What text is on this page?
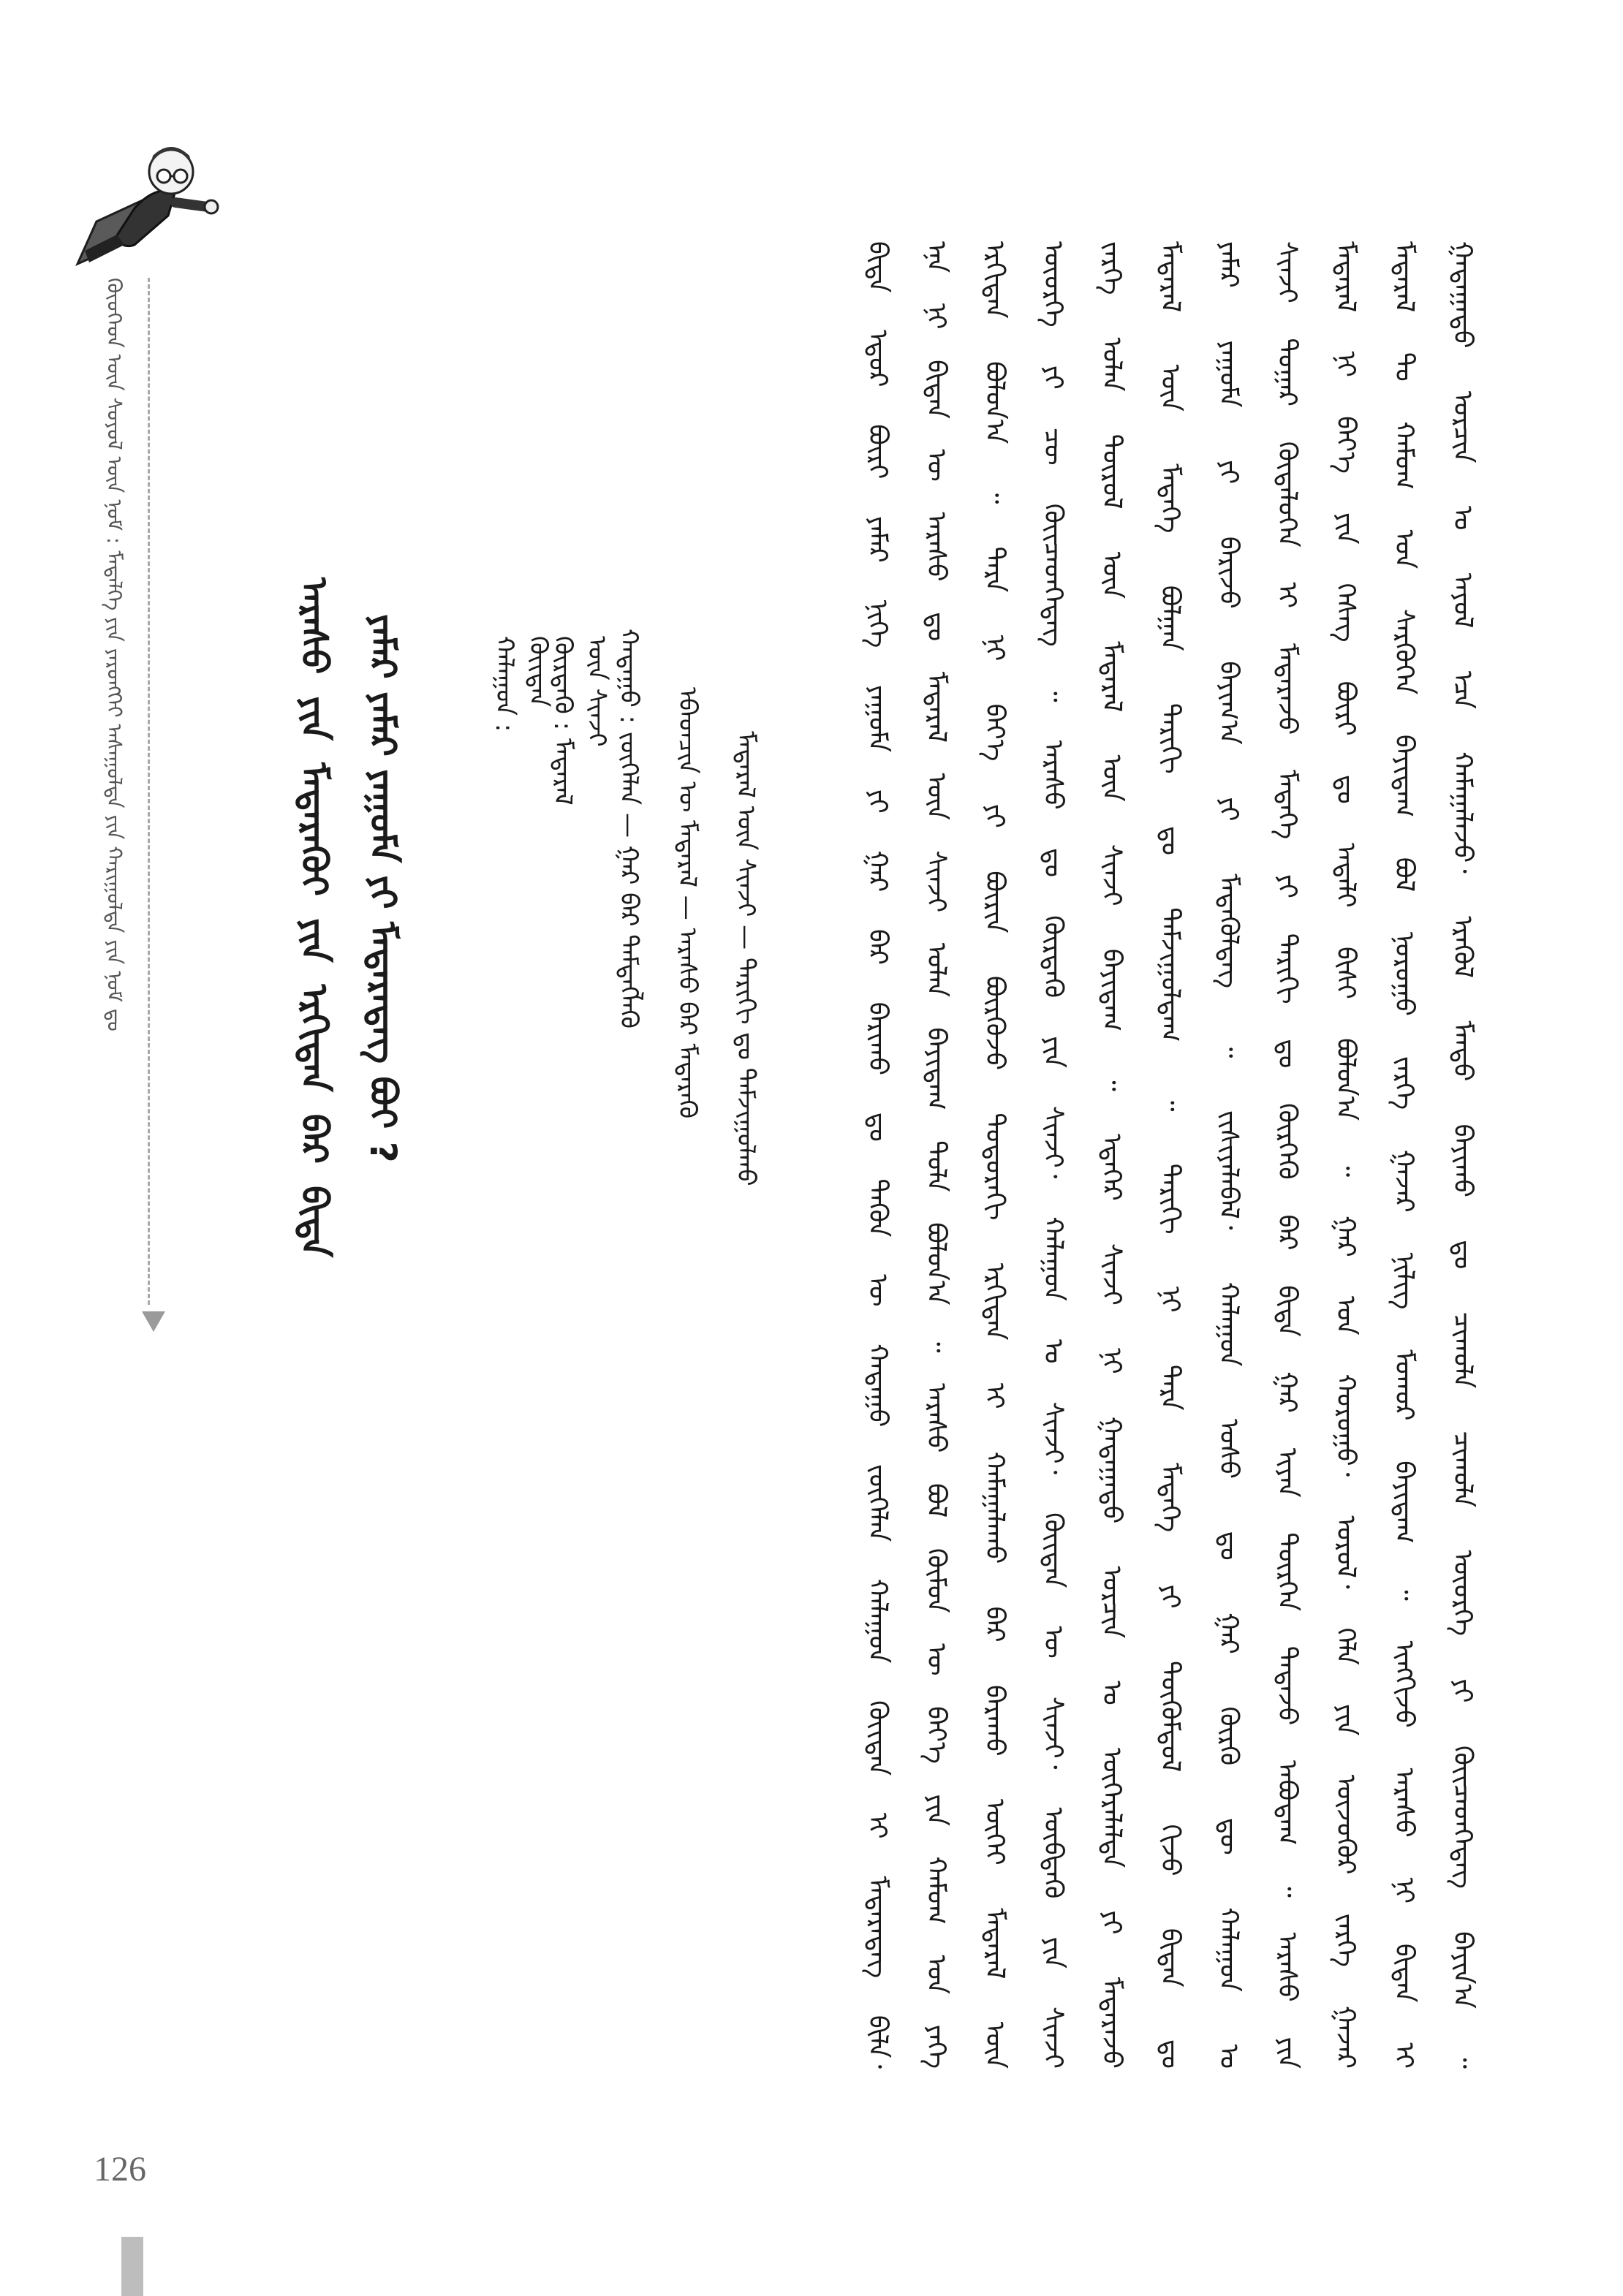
ᠬᠦᠦᠬᠡᠳ ᠦᠨ ᠰᠣᠶᠣᠯ ᠦᠨ ᠨᠣᠮ : ᠮᠡᠳᠡᠯᠭᠡ ᠶᠢᠨ ᠶᠡᠷᠦᠩᠬᠡᠢ ᠠᠰᠠᠭᠤᠯᠲᠠ ᠶᠢᠨ ᠬᠠᠷᠢᠭᠤᠯᠲᠠ ᠶᠢᠨ ᠨᠣᠮ ᠳᠤ	ᠠᠷᠠᠰᠤ ᠶᠢᠨ ᠮᠡᠳᠡᠷᠡᠬᠦᠢ ᠶᠢᠨ ᠡᠷᠬᠢᠲᠡᠨ ᠪᠠᠷ ᠪᠢᠳᠡ ᠶᠠᠮᠠᠷ ᠶᠠᠮᠠᠷ ᠶᠠᠭᠤᠮᠠ ᠶᠢ ᠮᠡᠳᠡᠷᠡᠳᠡᠭ ᠪᠤᠢ ?	ᠬᠠᠯᠠᠭᠤᠨ : ᠬᠦᠢᠲᠡᠨ
ᠬᠦᠷᠲᠡᠭᠦ : ᠮᠡᠳᠡᠷᠡᠯ ᠦᠨ ᠰᠢᠨᠵᠢ ᠬᠠᠲᠠᠭᠤ : ᠵᠥᠭᠡᠯᠡᠨ — ᠭᠠᠷ ᠪᠠᠷ ᠲᠡᠮᠳᠡᠭᠯᠡᠬᠦ ᠡᠪᠡᠳᠴᠢᠨ ᠦ ᠮᠡᠳᠡᠷᠡᠯ — ᠠᠷᠠᠰᠤ ᠪᠠᠷ ᠮᠡᠳᠡᠷᠡᠬᠦ ᠮᠡᠳᠡᠷᠡᠯ ᠦᠨ ᠰᠢᠨᠵᠢ — ᠲᠠᠷᠢᠬᠢ ᠳᠤ ᠳᠠᠮᠵᠢᠭᠤᠯᠬᠤ	ᠪᠢᠳᠡ ᠡᠳᠦᠷ ᠪᠦᠷᠢ ᠶᠠᠮᠠᠷ ᠨᠢᠭᠡ ᠶᠠᠭᠤᠮᠠ ᠶᠢ ᠭᠠᠷ ᠪᠠᠷ ᠪᠠᠷᠢᠬᠤ ᠳᠤ ᠲᠡᠭᠦᠨ ᠦ ᠬᠠᠲᠠᠭᠤ ᠵᠥᠭᠡᠯᠡᠨ ᠬᠠᠯᠠᠭᠤᠨ ᠬᠦᠢᠲᠡᠨ ᠢ ᠮᠡᠳᠡᠷᠡᠳᠡᠭ ᠪᠢᠯᠡ᠂ ᠡᠨᠡ ᠨᠢ ᠪᠢᠳᠡᠨ ᠦ ᠠᠷᠠᠰᠤ ᠳᠤ ᠮᠡᠳᠡᠷᠡᠯ ᠦᠨ ᠰᠢᠨᠵᠢ ᠣᠯᠠᠨ ᠪᠠᠶᠢᠳᠠᠭ ᠲᠤᠯᠠ ᠪᠣᠯᠤᠨ᠎ᠠ ᠃ ᠠᠷᠠᠰᠤ ᠪᠣᠯ ᠬᠦᠮᠦᠨ ᠦ ᠪᠡᠶ᠎ᠡ ᠶᠢᠨ ᠬᠠᠮᠤᠭ ᠤᠨ ᠶᠡᠬᠡ ᠡᠷᠬᠢᠲᠡᠨ ᠪᠣᠯᠤᠨ᠎ᠠ ᠃ ᠲᠡᠷᠡ ᠨᠢ ᠪᠡᠶ᠎ᠡ ᠶᠢ ᠪᠦᠷᠢᠨ ᠪᠦᠷᠬᠦᠵᠦ ᠳᠣᠲᠣᠷᠠᠬᠢ ᠡᠷᠬᠢᠲᠡᠨ ᠢ ᠬᠠᠮᠠᠭᠠᠯᠠᠬᠤ ᠪᠡᠷ ᠪᠠᠷᠠᠬᠤ ᠦᠭᠡᠢ ᠮᠡᠳᠡᠷᠡᠯ ᠦᠨ ᠦᠦᠷᠭᠡ ᠶᠢ ᠴᠦ ᠭᠦᠢᠴᠡᠳᠭᠡᠳᠡᠭ ᠃ ᠠᠷᠠᠰᠤ ᠳᠤ ᠬᠦᠷᠲᠡᠭᠦ ᠶᠢᠨ ᠰᠢᠨᠵᠢ᠂ ᠬᠠᠯᠠᠭᠤᠨ ᠤ ᠰᠢᠨᠵᠢ᠂ ᠬᠦᠢᠲᠡᠨ ᠦ ᠰᠢᠨᠵᠢ᠂ ᠥᠪᠳᠡᠭᠦ ᠶᠢᠨ ᠰᠢᠨᠵᠢ ᠵᠡᠷᠭᠡ ᠣᠯᠠᠨ ᠲᠥᠷᠦᠯ ᠦᠨ ᠮᠡᠳᠡᠷᠡᠯ ᠦᠨ ᠰᠢᠨᠵᠢ ᠪᠠᠶᠢᠳᠠᠭ ᠃ ᠡᠳᠡᠭᠡᠷ ᠰᠢᠨᠵᠢ ᠨᠢ ᠭᠠᠳᠠᠭᠠᠳᠤ ᠣᠷᠴᠢᠨ ᠤ ᠥᠭᠡᠷᠡᠯᠡᠯᠲᠡ ᠶᠢ ᠮᠡᠳᠡᠷᠡᠵᠦ ᠮᠡᠳᠡᠷᠡᠯ ᠦᠨ ᠮᠡᠳᠡᠭᠡ ᠪᠣᠯᠭᠠᠨ ᠲᠠᠷᠢᠬᠢ ᠳᠤ ᠳᠠᠮᠵᠢᠭᠤᠯᠳᠠᠭ ᠃ ᠲᠠᠷᠢᠬᠢ ᠨᠢ ᠲᠡᠷᠡ ᠮᠡᠳᠡᠭᠡ ᠶᠢ ᠳᠦᠭᠦᠮᠳᠦᠯ ᠬᠢᠵᠦ ᠪᠢᠳᠡᠨ ᠳᠤ ᠶᠠᠮᠠᠷ ᠶᠠᠭᠤᠮᠠ ᠶᠢ ᠪᠠᠷᠢᠵᠤ ᠪᠠᠶᠢᠭ᠎ᠠ ᠶᠢ ᠮᠡᠳᠡᠭᠦᠯᠳᠡᠭ ᠃ ᠵᠢᠱᠢᠶᠡᠯᠡᠪᠡᠯ᠂ ᠬᠠᠯᠠᠭᠤᠨ ᠤᠰᠤ ᠳᠤ ᠭᠠᠷ ᠬᠦᠷᠬᠦ ᠳᠦ ᠬᠠᠯᠠᠭᠤᠨ ᠤ ᠰᠢᠨᠵᠢ ᠳᠤᠭᠠᠷ ᠬᠦᠳᠡᠯᠦᠭᠡᠨ ᠢ ᠮᠡᠳᠡᠷᠡᠵᠦ ᠮᠡᠳᠡᠭᠡ ᠶᠢ ᠲᠠᠷᠢᠬᠢ ᠳᠤ ᠬᠦᠷᠭᠡᠬᠦ ᠪᠡᠷ ᠪᠢᠳᠡ ᠭᠠᠷ ᠢᠶᠠᠨ ᠲᠦᠷᠭᠡᠨ ᠲᠠᠲᠠᠵᠤ ᠠᠪᠤᠳᠠᠭ ᠃ ᠠᠷᠠᠰᠤ ᠶᠢᠨ ᠮᠡᠳᠡᠷᠡᠯ ᠨᠢ ᠪᠡᠶ᠎ᠡ ᠶᠢᠨ ᠬᠡᠰᠡᠭ ᠪᠦᠷᠢ ᠳᠤ ᠠᠳᠠᠯᠢ ᠪᠢᠰᠢ ᠪᠣᠯᠤᠨ᠎ᠠ ᠃ ᠭᠠᠷ ᠤᠨ ᠬᠤᠷᠤᠭᠤ᠂ ᠤᠷᠤᠯ᠂ ᠬᠡᠯᠡ ᠶᠢᠨ ᠦᠵᠦᠭᠦᠷ ᠵᠡᠷᠭᠡ ᠭᠠᠵᠠᠷ ᠮᠡᠳᠡᠷᠡᠯ ᠲᠤ ᠬᠠᠮᠤᠭ ᠤᠨ ᠰᠡᠷᠭᠦᠭᠡᠨ ᠪᠠᠶᠢᠳᠠᠭ ᠪᠣᠯ ᠨᠤᠷᠤᠭᠤ ᠵᠡᠷᠭᠡ ᠭᠠᠵᠠᠷ ᠨᠢᠯᠢᠭ ᠮᠤᠬᠤᠷ ᠪᠠᠶᠢᠳᠠᠭ ᠃ ᠢᠩᠭᠢᠵᠦ ᠠᠷᠠᠰᠤ ᠨᠢ ᠪᠢᠳᠡᠨ ᠢ ᠭᠠᠳᠠᠭᠠᠳᠤ ᠣᠷᠴᠢᠨ ᠤ ᠠᠶᠤᠯ ᠡᠴᠡ ᠬᠠᠮᠠᠭᠠᠯᠠᠵᠤ᠂ ᠡᠷᠡᠭᠦᠯ ᠮᠡᠨᠳᠦ ᠪᠠᠶᠢᠬᠤ ᠳᠤ ᠴᠢᠬᠤᠯᠠ ᠴᠢᠬᠤᠯᠠ ᠦᠦᠷᠭᠡ ᠶᠢ ᠭᠦᠢᠴᠡᠳᠭᠡᠳᠡᠭ ᠪᠠᠶᠢᠨ᠎ᠠ ᠃
126
